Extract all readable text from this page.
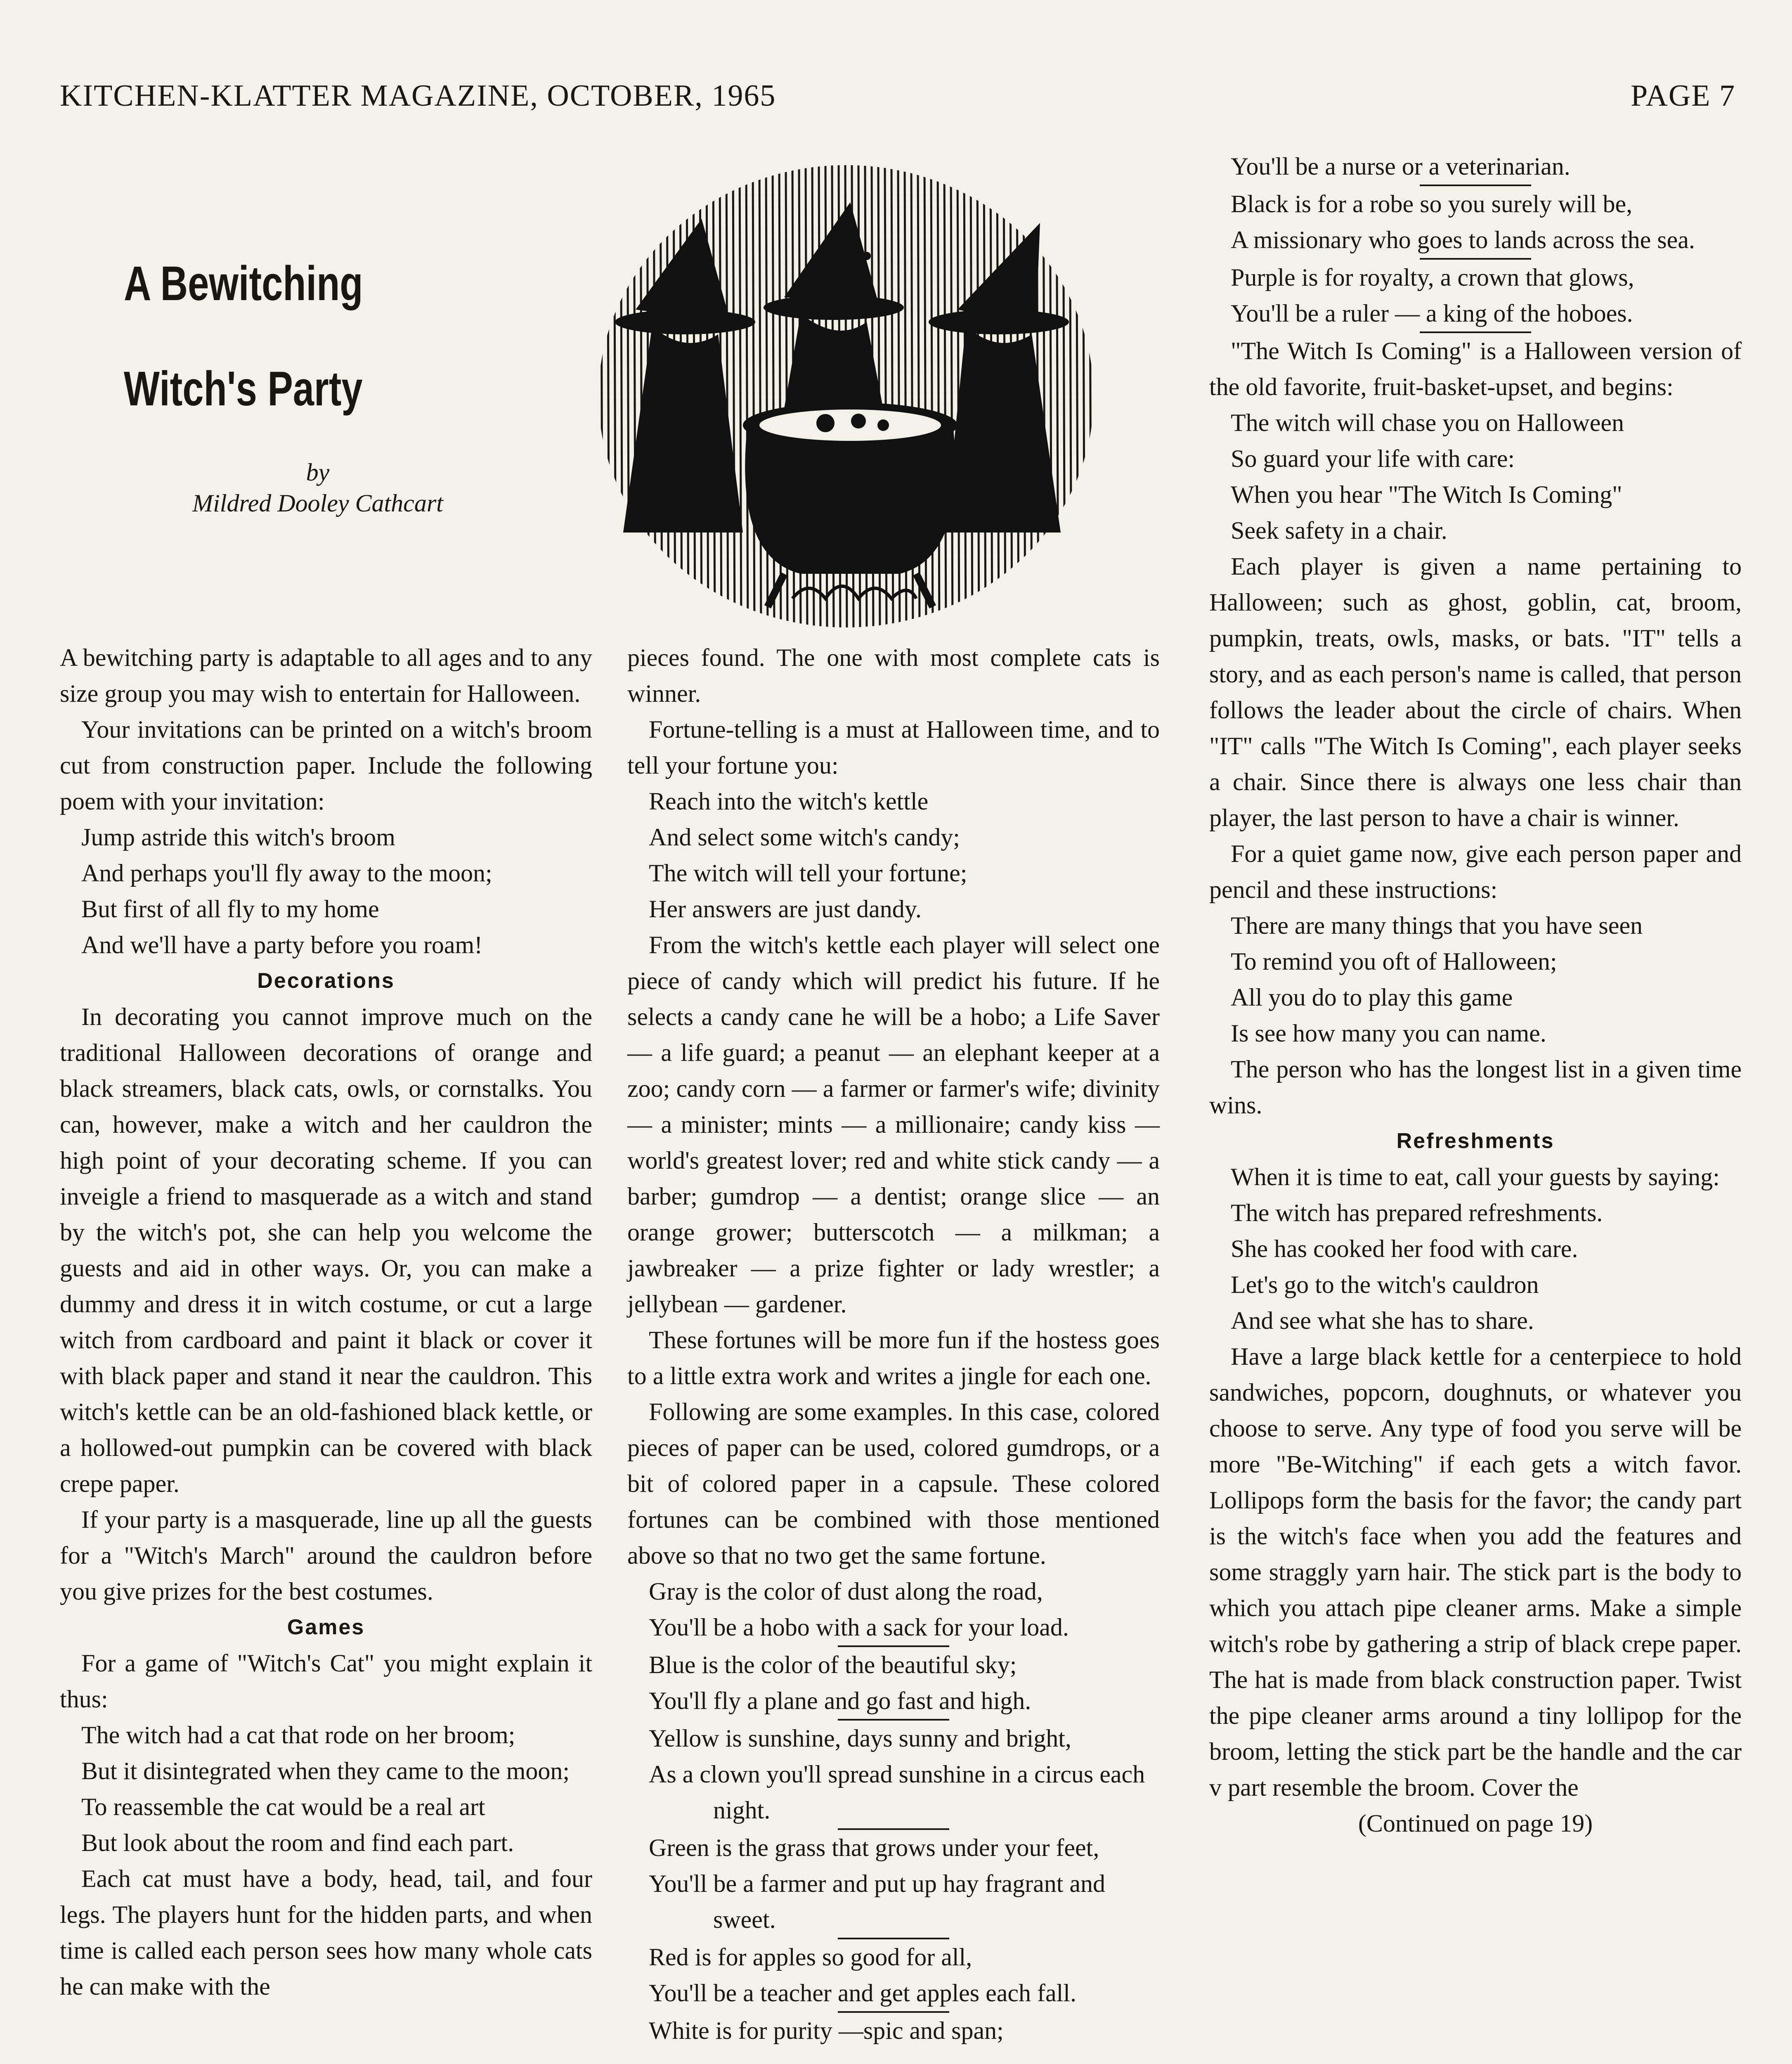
KITCHEN-KLATTER MAGAZINE, OCTOBER, 1965	PAGE 7
A Bewitching
Witch's Party
by
Mildred Dooley Cathcart

A bewitching party is adaptable to all ages and to any size group you may wish to entertain for Halloween.

Your invitations can be printed on a witch's broom cut from construction paper. Include the following poem with your invitation:

Jump astride this witch's broom
And perhaps you'll fly away to the moon;
But first of all fly to my home
And we'll have a party before you roam!
Decorations

In decorating you cannot improve much on the traditional Halloween decorations of orange and black streamers, black cats, owls, or cornstalks. You can, however, make a witch and her cauldron the high point of your decorating scheme. If you can inveigle a friend to masquerade as a witch and stand by the witch's pot, she can help you welcome the guests and aid in other ways. Or, you can make a dummy and dress it in witch costume, or cut a large witch from cardboard and paint it black or cover it with black paper and stand it near the cauldron. This witch's kettle can be an old-fashioned black kettle, or a hollowed-out pumpkin can be covered with black crepe paper.

If your party is a masquerade, line up all the guests for a "Witch's March" around the cauldron before you give prizes for the best costumes.

Games

For a game of "Witch's Cat" you might explain it thus:

The witch had a cat that rode on her broom;
But it disintegrated when they came to the moon;
To reassemble the cat would be a real art
But look about the room and find each part.

Each cat must have a body, head, tail, and four legs. The players hunt for the hidden parts, and when time is called each person sees how many whole cats he can make with the

pieces found. The one with most complete cats is winner.

Fortune-telling is a must at Halloween time, and to tell your fortune you:

Reach into the witch's kettle
And select some witch's candy;
The witch will tell your fortune;
Her answers are just dandy.

From the witch's kettle each player will select one piece of candy which will predict his future. If he selects a candy cane he will be a hobo; a Life Saver — a life guard; a peanut — an elephant keeper at a zoo; candy corn — a farmer or farmer's wife; divinity — a minister; mints — a millionaire; candy kiss — world's greatest lover; red and white stick candy — a barber; gumdrop — a dentist; orange slice — an orange grower; butterscotch — a milkman; a jawbreaker — a prize fighter or lady wrestler; a jellybean — gardener.

These fortunes will be more fun if the hostess goes to a little extra work and writes a jingle for each one.

Following are some examples. In this case, colored pieces of paper can be used, colored gumdrops, or a bit of colored paper in a capsule. These colored fortunes can be combined with those mentioned above so that no two get the same fortune.

Gray is the color of dust along the road,
You'll be a hobo with a sack for your load.
Blue is the color of the beautiful sky;
You'll fly a plane and go fast and high.
Yellow is sunshine, days sunny and bright,
As a clown you'll spread sunshine in a circus each night.
Green is the grass that grows under your feet,
You'll be a farmer and put up hay fragrant and sweet.
Red is for apples so good for all,
You'll be a teacher and get apples each fall.
White is for purity —spic and span;
You'll be a nurse or a veterinarian.
Black is for a robe so you surely will be,
A missionary who goes to lands across the sea.
Purple is for royalty, a crown that glows,
You'll be a ruler — a king of the hoboes.

"The Witch Is Coming" is a Halloween version of the old favorite, fruit-basket-upset, and begins:

The witch will chase you on Halloween
So guard your life with care:
When you hear "The Witch Is Coming"
Seek safety in a chair.

Each player is given a name pertaining to Halloween; such as ghost, goblin, cat, broom, pumpkin, treats, owls, masks, or bats. "IT" tells a story, and as each person's name is called, that person follows the leader about the circle of chairs. When "IT" calls "The Witch Is Coming", each player seeks a chair. Since there is always one less chair than player, the last person to have a chair is winner.

For a quiet game now, give each person paper and pencil and these instructions:

There are many things that you have seen
To remind you oft of Halloween;
All you do to play this game
Is see how many you can name.

The person who has the longest list in a given time wins.

Refreshments

When it is time to eat, call your guests by saying:

The witch has prepared refreshments.
She has cooked her food with care.
Let's go to the witch's cauldron
And see what she has to share.

Have a large black kettle for a centerpiece to hold sandwiches, popcorn, doughnuts, or whatever you choose to serve. Any type of food you serve will be more "Be-Witching" if each gets a witch favor. Lollipops form the basis for the favor; the candy part is the witch's face when you add the features and some straggly yarn hair. The stick part is the body to which you attach pipe cleaner arms. Make a simple witch's robe by gathering a strip of black crepe paper. The hat is made from black construction paper. Twist the pipe cleaner arms around a tiny lollipop for the broom, letting the stick part be the handle and the car v part resemble the broom. Cover the

(Continued on page 19)
